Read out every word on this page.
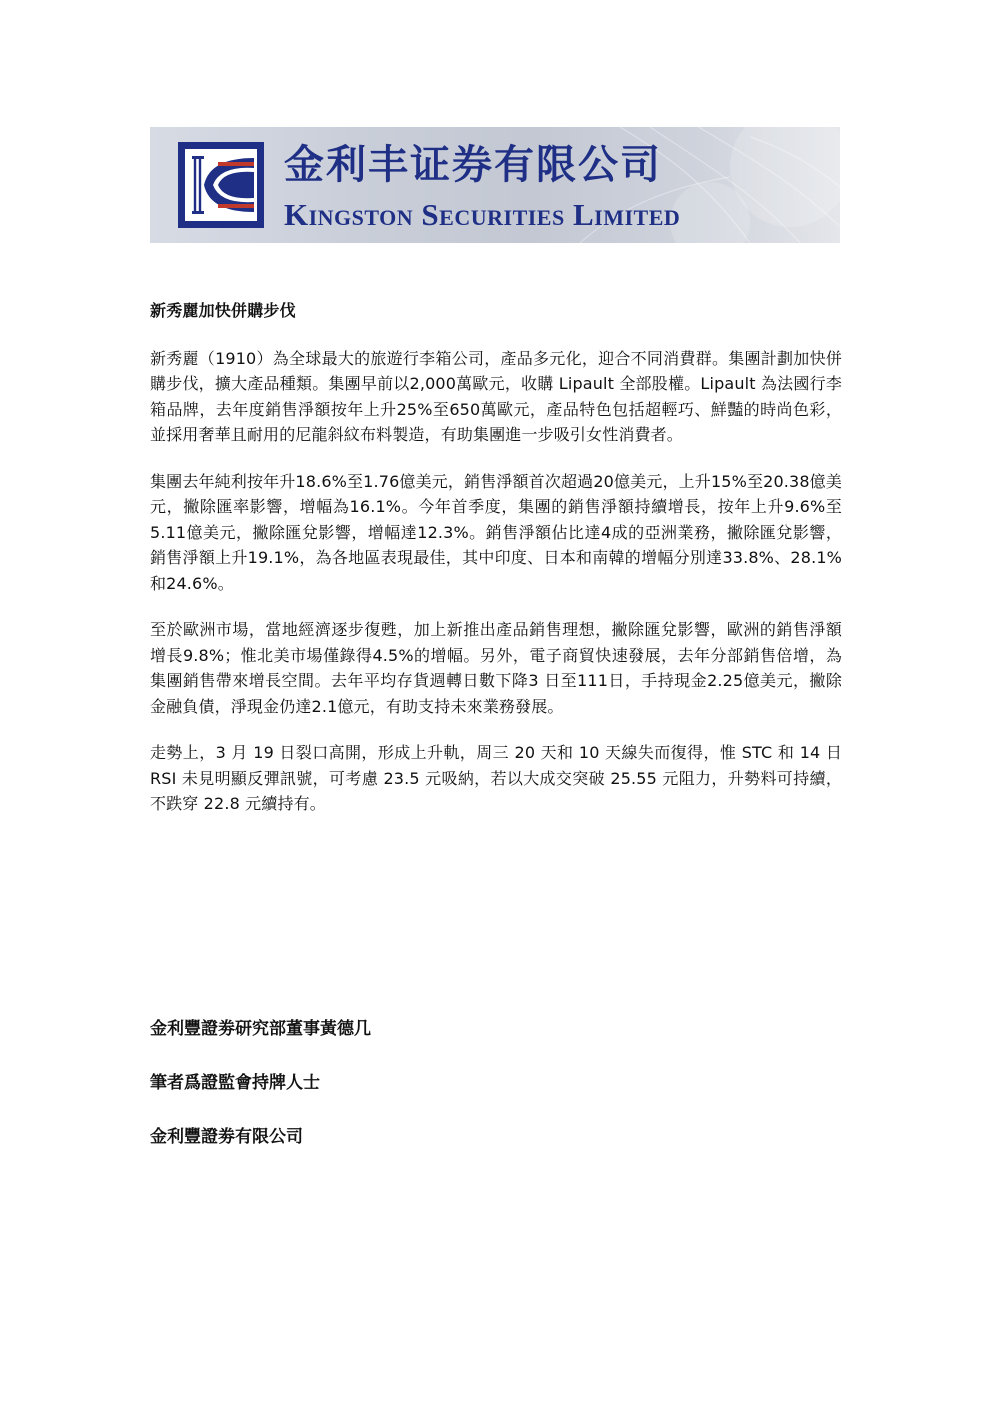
金利丰证券有限公司
Kingston Securities Limited
新秀麗加快併購步伐

新秀麗（1910）為全球最大的旅遊行李箱公司，產品多元化，迎合不同消費群。集團計劃加快併購步伐，擴大產品種類。集團早前以2,000萬歐元，收購 Lipault 全部股權。Lipault 為法國行李箱品牌，去年度銷售淨額按年上升25%至650萬歐元，產品特色包括超輕巧、鮮豔的時尚色彩，並採用奢華且耐用的尼龍斜紋布料製造，有助集團進一步吸引女性消費者。

集團去年純利按年升18.6%至1.76億美元，銷售淨額首次超過20億美元，上升15%至20.38億美元，撇除匯率影響，增幅為16.1%。今年首季度，集團的銷售淨額持續增長，按年上升9.6%至5.11億美元，撇除匯兌影響，增幅達12.3%。銷售淨額佔比達4成的亞洲業務，撇除匯兌影響，銷售淨額上升19.1%，為各地區表現最佳，其中印度、日本和南韓的增幅分別達33.8%、28.1%和24.6%。

至於歐洲市場，當地經濟逐步復甦，加上新推出產品銷售理想，撇除匯兌影響，歐洲的銷售淨額增長9.8%；惟北美市場僅錄得4.5%的增幅。另外，電子商貿快速發展，去年分部銷售倍增，為集團銷售帶來增長空間。去年平均存貨週轉日數下降3 日至111日，手持現金2.25億美元，撇除金融負債，淨現金仍達2.1億元，有助支持未來業務發展。

走勢上，3 月 19 日裂口高開，形成上升軌，周三 20 天和 10 天線失而復得，惟 STC 和 14 日 RSI 未見明顯反彈訊號，可考慮 23.5 元吸納，若以大成交突破 25.55 元阻力，升勢料可持續，不跌穿 22.8 元續持有。

金利豐證劵研究部董事黃德几
筆者爲證監會持牌人士
金利豐證劵有限公司
